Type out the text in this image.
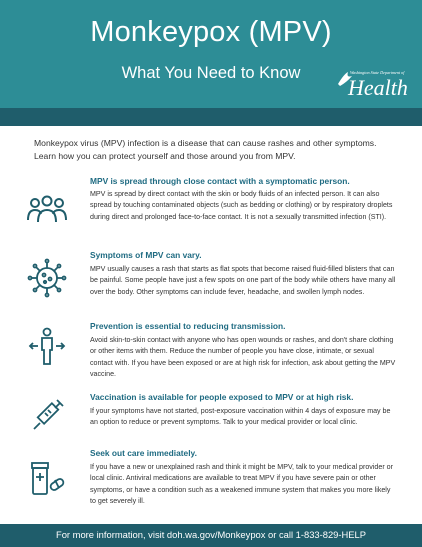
Monkeypox (MPV)
What You Need to Know	Washington State Department of
Health
Monkeypox virus (MPV) infection is a disease that can cause rashes and other symptoms. Learn how you can protect yourself and those around you from MPV.
MPV is spread through close contact with a symptomatic person.
MPV is spread by direct contact with the skin or body fluids of an infected person. It can also spread by touching contaminated objects (such as bedding or clothing) or by respiratory droplets during direct and prolonged face-to-face contact. It is not a sexually transmitted infection (STI).
Symptoms of MPV can vary.
MPV usually causes a rash that starts as flat spots that become raised fluid-filled blisters that can be painful. Some people have just a few spots on one part of the body while others have many all over the body. Other symptoms can include fever, headache, and swollen lymph nodes.
Prevention is essential to reducing transmission.
Avoid skin-to-skin contact with anyone who has open wounds or rashes, and don't share clothing or other items with them. Reduce the number of people you have close, intimate, or sexual contact with. If you have been exposed or are at high risk for infection, ask about getting the MPV vaccine.
Vaccination is available for people exposed to MPV or at high risk.
If your symptoms have not started, post-exposure vaccination within 4 days of exposure may be an option to reduce or prevent symptoms. Talk to your medical provider or local clinic.
Seek out care immediately.
If you have a new or unexplained rash and think it might be MPV, talk to your medical provider or local clinic. Antiviral medications are available to treat MPV if you have severe pain or other symptoms, or have a condition such as a weakened immune system that makes you more likely to get severely ill.
For more information, visit doh.wa.gov/Monkeypox or call 1-833-829-HELP
